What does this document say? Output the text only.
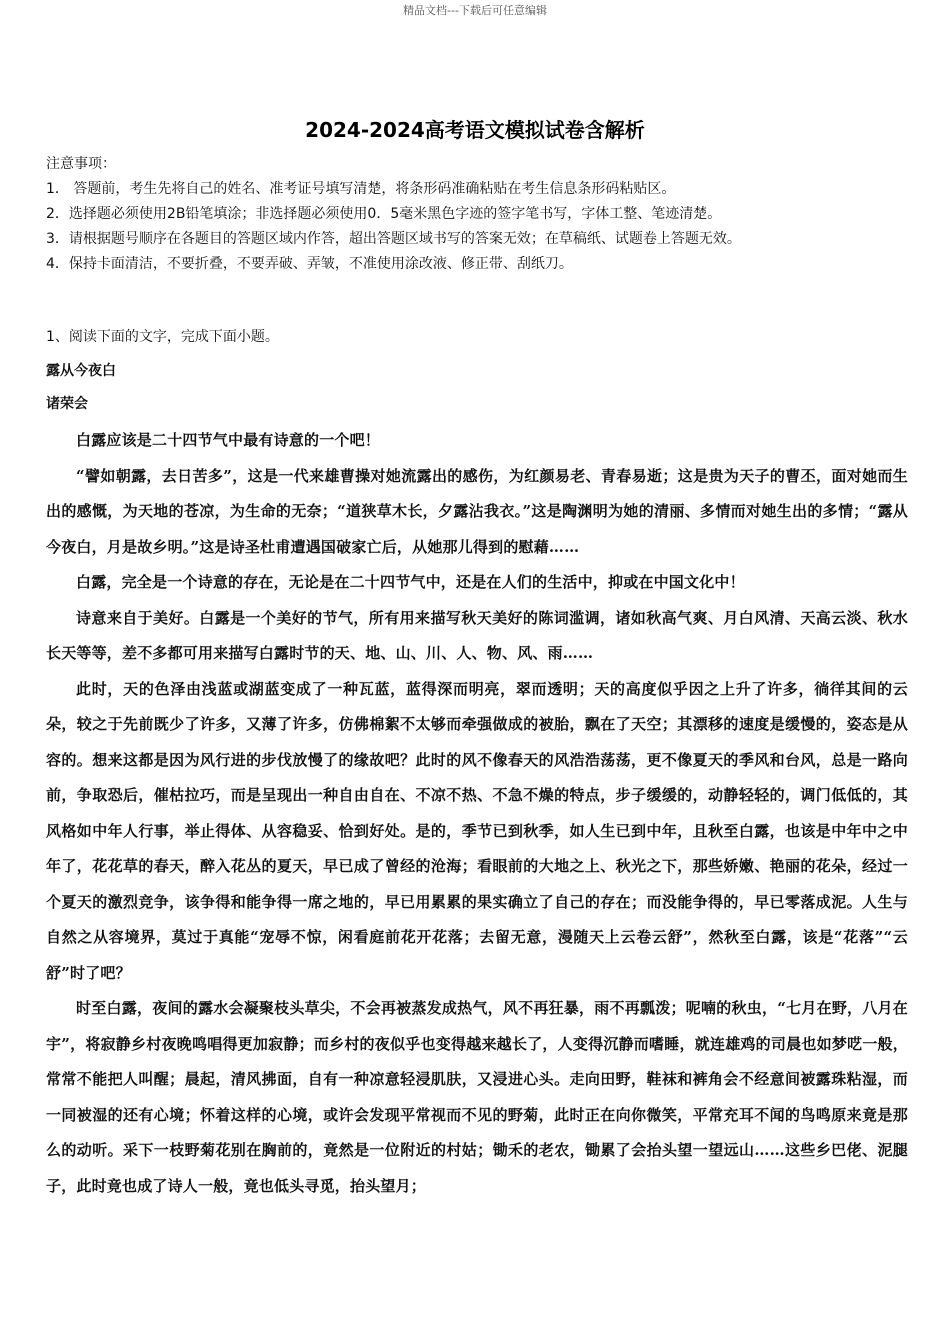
精品文档---下载后可任意编辑
2024-2024高考语文模拟试卷含解析
注意事项：
1． 答题前，考生先将自己的姓名、准考证号填写清楚，将条形码准确粘贴在考生信息条形码粘贴区。
2．选择题必须使用2B铅笔填涂；非选择题必须使用0．5毫米黑色字迹的签字笔书写，字体工整、笔迹清楚。
3．请根据题号顺序在各题目的答题区域内作答，超出答题区域书写的答案无效；在草稿纸、试题卷上答题无效。
4．保持卡面清洁，不要折叠，不要弄破、弄皱，不准使用涂改液、修正带、刮纸刀。
1、阅读下面的文字，完成下面小题。
露从今夜白
诸荣会

白露应该是二十四节气中最有诗意的一个吧！

“譬如朝露，去日苦多”，这是一代来雄曹操对她流露出的感伤，为红颜易老、青春易逝；这是贵为天子的曹丕，面对她而生出的感慨，为天地的苍凉，为生命的无奈；“道狭草木长，夕露沾我衣。”这是陶渊明为她的清丽、多情而对她生出的多情；“露从今夜白，月是故乡明。”这是诗圣杜甫遭遇国破家亡后，从她那儿得到的慰藉……

白露，完全是一个诗意的存在，无论是在二十四节气中，还是在人们的生活中，抑或在中国文化中！

诗意来自于美好。白露是一个美好的节气，所有用来描写秋天美好的陈词滥调，诸如秋高气爽、月白风清、天高云淡、秋水长天等等，差不多都可用来描写白露时节的天、地、山、川、人、物、风、雨……

此时，天的色泽由浅蓝或湖蓝变成了一种瓦蓝，蓝得深而明亮，翠而透明；天的高度似乎因之上升了许多，徜徉其间的云朵，较之于先前既少了许多，又薄了许多，仿佛棉絮不太够而牵强做成的被胎，飘在了天空；其漂移的速度是缓慢的，姿态是从容的。想来这都是因为风行进的步伐放慢了的缘故吧？此时的风不像春天的风浩浩荡荡，更不像夏天的季风和台风，总是一路向前，争取恐后，催枯拉巧，而是呈现出一种自由自在、不凉不热、不急不燥的特点，步子缓缓的，动静轻轻的，调门低低的，其风格如中年人行事，举止得体、从容稳妥、恰到好处。是的，季节已到秋季，如人生已到中年，且秋至白露，也该是中年中之中年了，花花草的春天，醉入花丛的夏天，早已成了曾经的沧海；看眼前的大地之上、秋光之下，那些娇嫩、艳丽的花朵，经过一个夏天的激烈竞争，该争得和能争得一席之地的，早已用累累的果实确立了自己的存在；而没能争得的，早已零落成泥。人生与自然之从容境界，莫过于真能“宠辱不惊，闲看庭前花开花落；去留无意，漫随天上云卷云舒”，然秋至白露，该是“花落”“云舒”时了吧？

时至白露，夜间的露水会凝聚枝头草尖，不会再被蒸发成热气，风不再狂暴，雨不再瓢泼；呢喃的秋虫，“七月在野，八月在宇”，将寂静乡村夜晚鸣唱得更加寂静；而乡村的夜似乎也变得越来越长了，人变得沉静而嗜睡，就连雄鸡的司晨也如梦呓一般，常常不能把人叫醒；晨起，清风拂面，自有一种凉意轻浸肌肤，又浸进心头。走向田野，鞋袜和裤角会不经意间被露珠粘湿，而一同被湿的还有心境；怀着这样的心境，或许会发现平常视而不见的野菊，此时正在向你微笑，平常充耳不闻的鸟鸣原来竟是那么的动听。采下一枝野菊花别在胸前的，竟然是一位附近的村姑；锄禾的老农，锄累了会抬头望一望远山……这些乡巴佬、泥腿子，此时竟也成了诗人一般，竟也低头寻觅，抬头望月；
